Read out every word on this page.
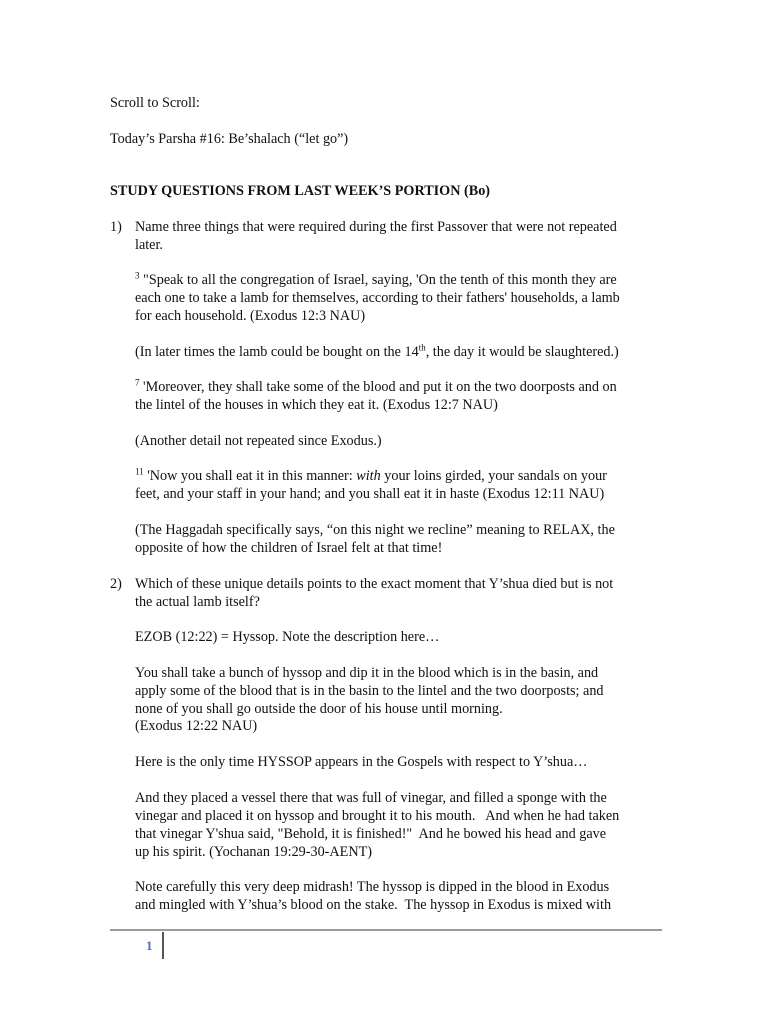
Scroll to Scroll:
Today’s Parsha #16: Be’shalach (“let go”)
STUDY QUESTIONS FROM LAST WEEK’S PORTION (Bo)
1) Name three things that were required during the first Passover that were not repeated
later.
$^3$ "Speak to all the congregation of Israel, saying, 'On the tenth of this month they are
each one to take a lamb for themselves, according to their fathers' households, a lamb
for each household. (Exodus 12:3 NAU)
(In later times the lamb could be bought on the 14th, the day it would be slaughtered.)
$^7$ 'Moreover, they shall take some of the blood and put it on the two doorposts and on
the lintel of the houses in which they eat it. (Exodus 12:7 NAU)
(Another detail not repeated since Exodus.)
$^{11}$ 'Now you shall eat it in this manner: with your loins girded, your sandals on your
feet, and your staff in your hand; and you shall eat it in haste (Exodus 12:11 NAU)
(The Haggadah specifically says, “on this night we recline” meaning to RELAX, the
opposite of how the children of Israel felt at that time!
2) Which of these unique details points to the exact moment that Y’shua died but is not
the actual lamb itself?
EZOB (12:22) = Hyssop. Note the description here…
You shall take a bunch of hyssop and dip it in the blood which is in the basin, and
apply some of the blood that is in the basin to the lintel and the two doorposts; and
none of you shall go outside the door of his house until morning.
(Exodus 12:22 NAU)
Here is the only time HYSSOP appears in the Gospels with respect to Y’shua…
And they placed a vessel there that was full of vinegar, and filled a sponge with the
vinegar and placed it on hyssop and brought it to his mouth.   And when he had taken
that vinegar Y'shua said, "Behold, it is finished!"  And he bowed his head and gave
up his spirit. (Yochanan 19:29-30-AENT)
Note carefully this very deep midrash! The hyssop is dipped in the blood in Exodus
and mingled with Y’shua’s blood on the stake.  The hyssop in Exodus is mixed with
1
